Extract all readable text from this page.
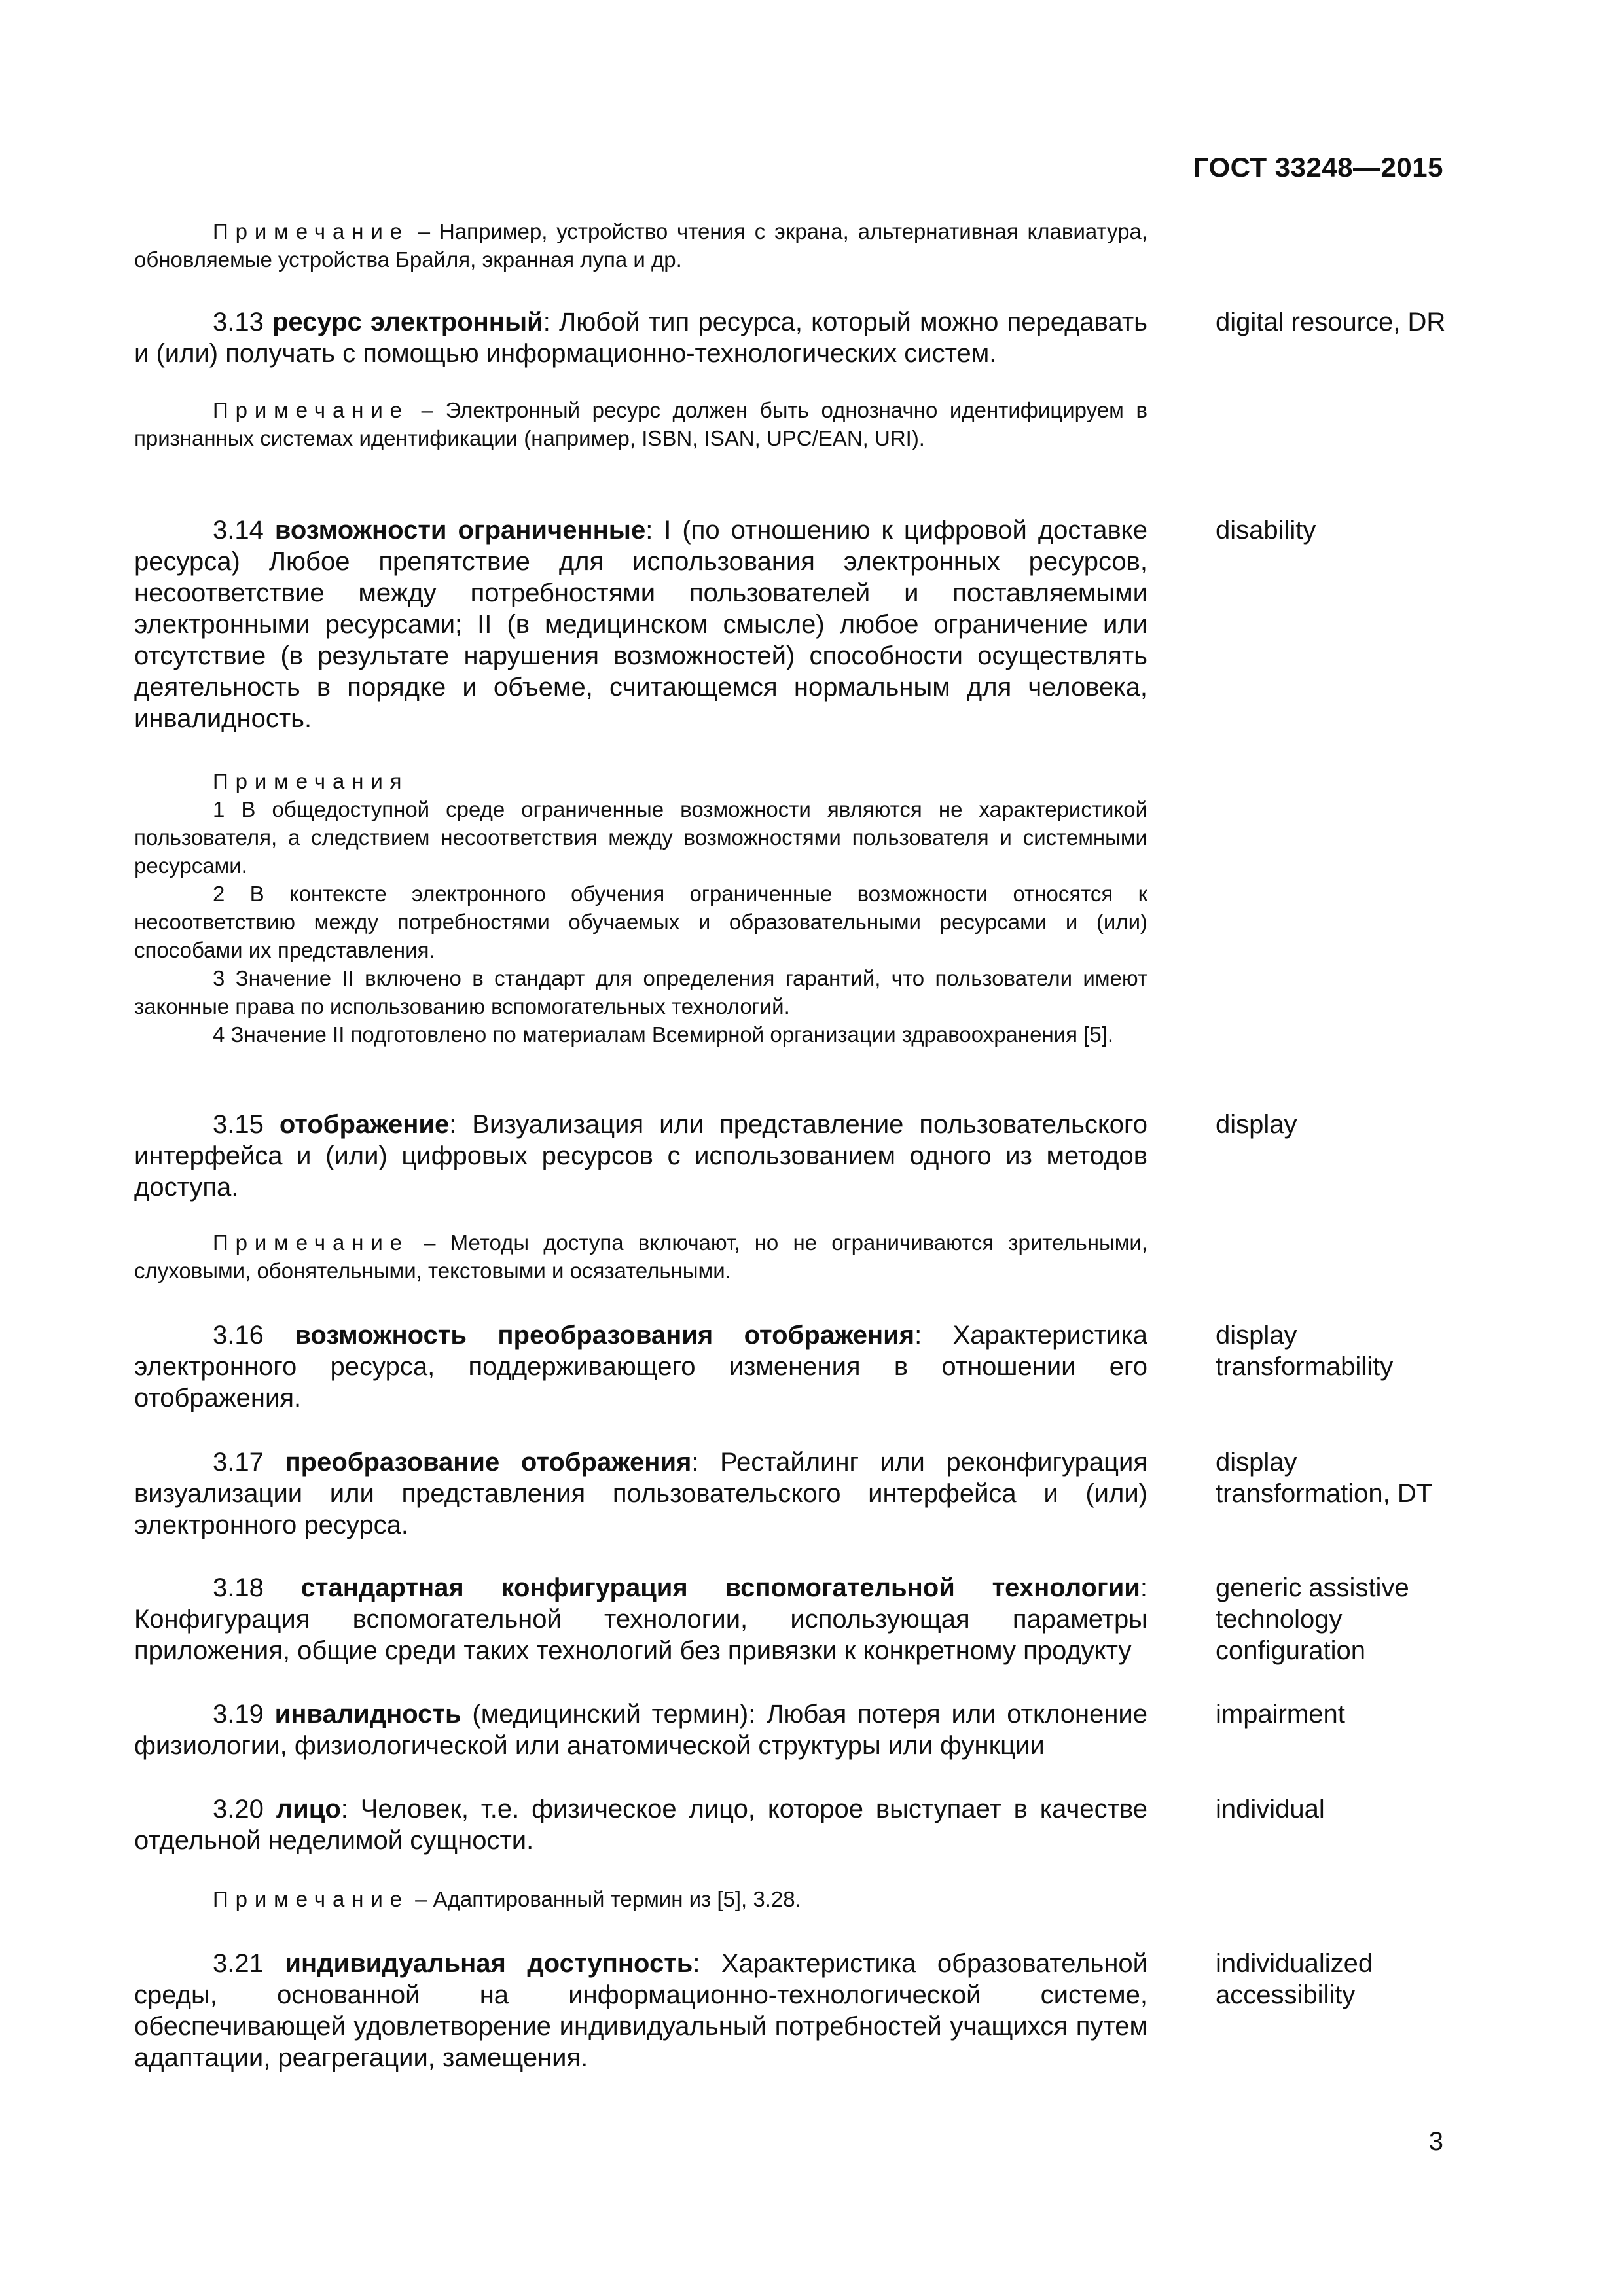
ГОСТ 33248—2015
Примечание – Например, устройство чтения с экрана, альтернативная клавиатура, обновляемые устройства Брайля, экранная лупа и др.
3.13 ресурс электронный: Любой тип ресурса, который можно передавать и (или) получать с помощью информационно-технологических систем.
digital resource, DR
Примечание – Электронный ресурс должен быть однозначно идентифицируем в признанных системах идентификации (например, ISBN, ISAN, UPC/EAN, URI).
3.14 возможности ограниченные: I (по отношению к цифровой доставке ресурса) Любое препятствие для использования электронных ресурсов, несоответствие между потребностями пользователей и поставляемыми электронными ресурсами; II (в медицинском смысле) любое ограничение или отсутствие (в результате нарушения возможностей) способности осуществлять деятельность в порядке и объеме, считающемся нормальным для человека, инвалидность.
disability
Примечания
1 В общедоступной среде ограниченные возможности являются не характеристикой пользователя, а следствием несоответствия между возможностями пользователя и системными ресурсами.
2 В контексте электронного обучения ограниченные возможности относятся к несоответствию между потребностями обучаемых и образовательными ресурсами и (или) способами их представления.
3 Значение II включено в стандарт для определения гарантий, что пользователи имеют законные права по использованию вспомогательных технологий.
4 Значение II подготовлено по материалам Всемирной организации здравоохранения [5].
3.15 отображение: Визуализация или представление пользовательского интерфейса и (или) цифровых ресурсов с использованием одного из методов доступа.
display
Примечание – Методы доступа включают, но не ограничиваются зрительными, слуховыми, обонятельными, текстовыми и осязательными.
3.16 возможность преобразования отображения: Характеристика электронного ресурса, поддерживающего изменения в отношении его отображения.
display transformability
3.17 преобразование отображения: Рестайлинг или реконфигурация визуализации или представления пользовательского интерфейса и (или) электронного ресурса.
display transformation, DT
3.18 стандартная конфигурация вспомогательной технологии: Конфигурация вспомогательной технологии, использующая параметры приложения, общие среди таких технологий без привязки к конкретному продукту
generic assistive technology configuration
3.19 инвалидность (медицинский термин): Любая потеря или отклонение физиологии, физиологической или анатомической структуры или функции
impairment
3.20 лицо: Человек, т.е. физическое лицо, которое выступает в качестве отдельной неделимой сущности.
individual
Примечание – Адаптированный термин из [5], 3.28.
3.21 индивидуальная доступность: Характеристика образовательной среды, основанной на информационно-технологической системе, обеспечивающей удовлетворение индивидуальный потребностей учащихся путем адаптации, реагрегации, замещения.
individualized accessibility
3
